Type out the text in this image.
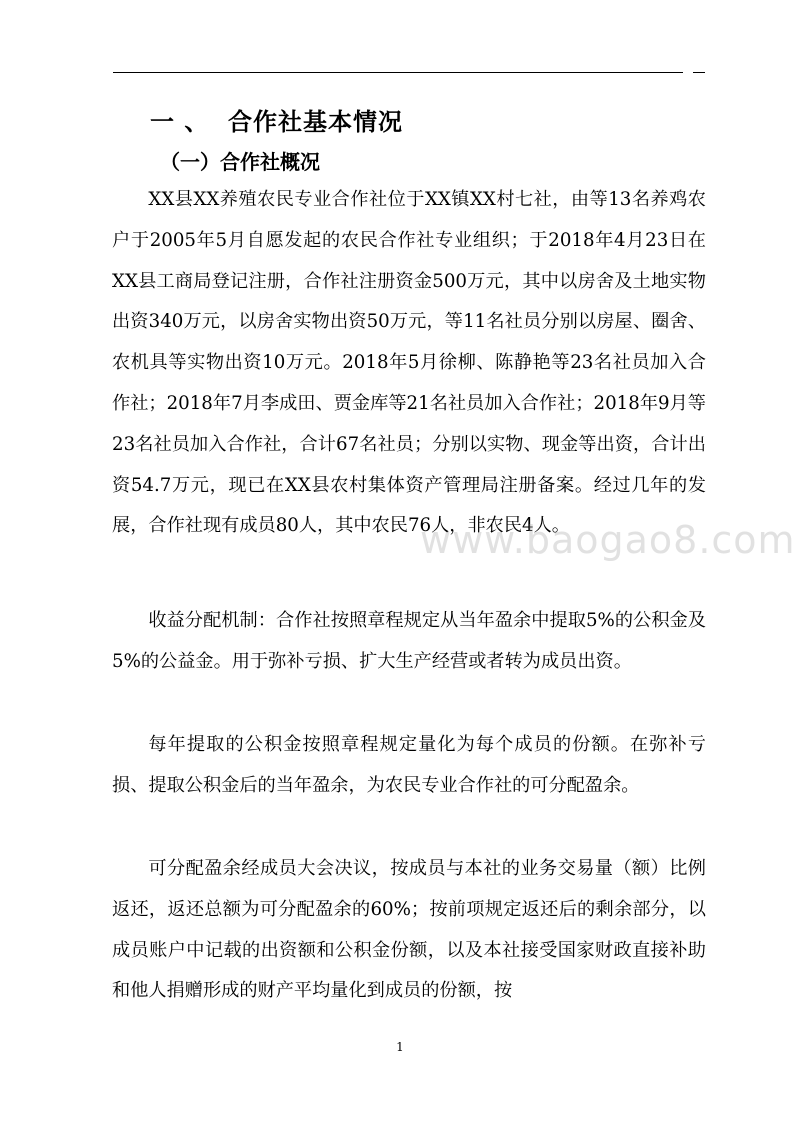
一 、 合作社基本情况
（一）合作社概况

XX县XX养殖农民专业合作社位于XX镇XX村七社，由等13名养鸡农户于2005年5月自愿发起的农民合作社专业组织；于2018年4月23日在XX县工商局登记注册，合作社注册资金500万元，其中以房舍及土地实物出资340万元，以房舍实物出资50万元，等11名社员分别以房屋、圈舍、农机具等实物出资10万元。2018年5月徐柳、陈静艳等23名社员加入合作社；2018年7月李成田、贾金库等21名社员加入合作社；2018年9月等23名社员加入合作社，合计67名社员；分别以实物、现金等出资，合计出资54.7万元，现已在XX县农村集体资产管理局注册备案。经过几年的发展，合作社现有成员80人，其中农民76人，非农民4人。

收益分配机制：合作社按照章程规定从当年盈余中提取5%的公积金及5%的公益金。用于弥补亏损、扩大生产经营或者转为成员出资。

每年提取的公积金按照章程规定量化为每个成员的份额。在弥补亏损、提取公积金后的当年盈余，为农民专业合作社的可分配盈余。

可分配盈余经成员大会决议，按成员与本社的业务交易量（额）比例返还，返还总额为可分配盈余的60%；按前项规定返还后的剩余部分，以成员账户中记载的出资额和公积金份额，以及本社接受国家财政直接补助和他人捐赠形成的财产平均量化到成员的份额，按

www.baogao8.com
1
